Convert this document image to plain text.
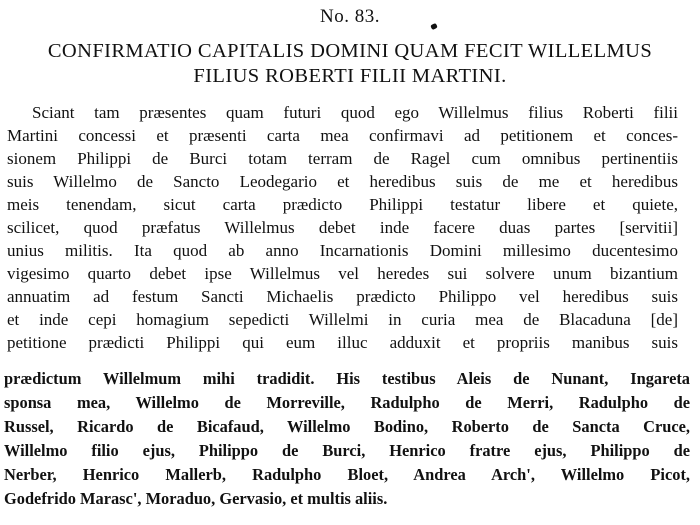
No. 83.
CONFIRMATIO CAPITALIS DOMINI QUAM FECIT WILLELMUS
FILIUS ROBERTI FILII MARTINI.
Sciant tam præsentes quam futuri quod ego Willelmus filius Roberti filii
Martini concessi et præsenti carta mea confirmavi ad petitionem et conces-
sionem Philippi de Burci totam terram de Ragel cum omnibus pertinentiis
suis Willelmo de Sancto Leodegario et heredibus suis de me et heredibus
meis tenendam, sicut carta prædicto Philippi testatur libere et quiete,
scilicet, quod præfatus Willelmus debet inde facere duas partes [servitii]
unius militis. Ita quod ab anno Incarnationis Domini millesimo ducentesimo
vigesimo quarto debet ipse Willelmus vel heredes sui solvere unum bizantium
annuatim ad festum Sancti Michaelis prædicto Philippo vel heredibus suis
et inde cepi homagium sepedicti Willelmi in curia mea de Blacaduna [de]
petitione prædicti Philippi qui eum illuc adduxit et propriis manibus suis
prædictum Willelmum mihi tradidit. His testibus Aleis de Nunant, Ingareta
sponsa mea, Willelmo de Morreville, Radulpho de Merri, Radulpho de
Russel, Ricardo de Bicafaud, Willelmo Bodino, Roberto de Sancta Cruce,
Willelmo filio ejus, Philippo de Burci, Henrico fratre ejus, Philippo de
Nerber, Henrico Mallerb, Radulpho Bloet, Andrea Arch', Willelmo Picot,
Godefrido Marasc', Moraduo, Gervasio, et multis aliis.
